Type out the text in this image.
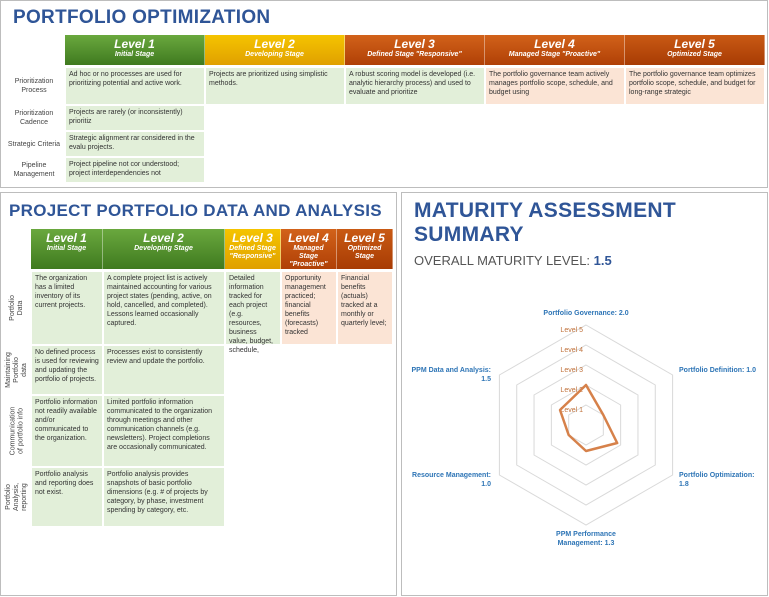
PORTFOLIO OPTIMIZATION
Level 1
Initial Stage
Level 2
Developing Stage
Level 3
Defined Stage "Responsive"
Level 4
Managed Stage "Proactive"
Level 5
Optimized Stage
Prioritization Process
Ad hoc or no processes are used for prioritizing potential and active work.
Projects are prioritized using simplistic methods.
A robust scoring model is developed (i.e. analytic hierarchy process) and used to evaluate and prioritize
The portfolio governance team actively manages portfolio scope, schedule, and budget using
The portfolio governance team optimizes portfolio scope, schedule, and budget for long-range strategic
Prioritization Cadence
Projects are rarely (or inconsistently) prioritiz
Strategic Criteria
Strategic alignment rar considered in the evalu projects.
Pipeline Management
Project pipeline not cor understood; project interdependencies not
PROJECT PORTFOLIO DATA AND ANALYSIS
Level 1
Initial Stage
Level 2
Developing Stage
Level 3
Defined Stage "Responsive"
Level 4
Managed Stage "Proactive"
Level 5
Optimized Stage
Portfolio Data
The organization has a limited inventory of its current projects.
A complete project list is actively maintained accounting for various project states (pending, active, on hold, cancelled, and completed). Lessons learned occasionally captured.
Detailed information tracked for each project (e.g. resources, business value, budget, schedule,
Opportunity management practiced; financial benefits (forecasts) tracked
Financial benefits (actuals) tracked at a monthly or quarterly level;
Maintaining Portfolio data
No defined process is used for reviewing and updating the portfolio of projects.
Processes exist to consistently review and update the portfolio.
Communication of portfolio info
Portfolio information not readily available and/or communicated to the organization.
Limited portfolio information communicated to the organization through meetings and other communication channels (e.g. newsletters). Project completions are occasionally communicated.
Portfolio Analysis, reporting
Portfolio analysis and reporting does not exist.
Portfolio analysis provides snapshots of basic portfolio dimensions (e.g. # of projects by category, by phase, investment spending by category, etc.
MATURITY ASSESSMENT SUMMARY
OVERALL MATURITY LEVEL: 1.5
Level 1
Level 2
Level 3
Level 4
Level 5
Portfolio Governance: 2.0
Portfolio Definition: 1.0
Portfolio Optimization: 1.8
PPM Performance
Management: 1.3
Resource Management: 1.0
PPM Data and Analysis: 1.5
